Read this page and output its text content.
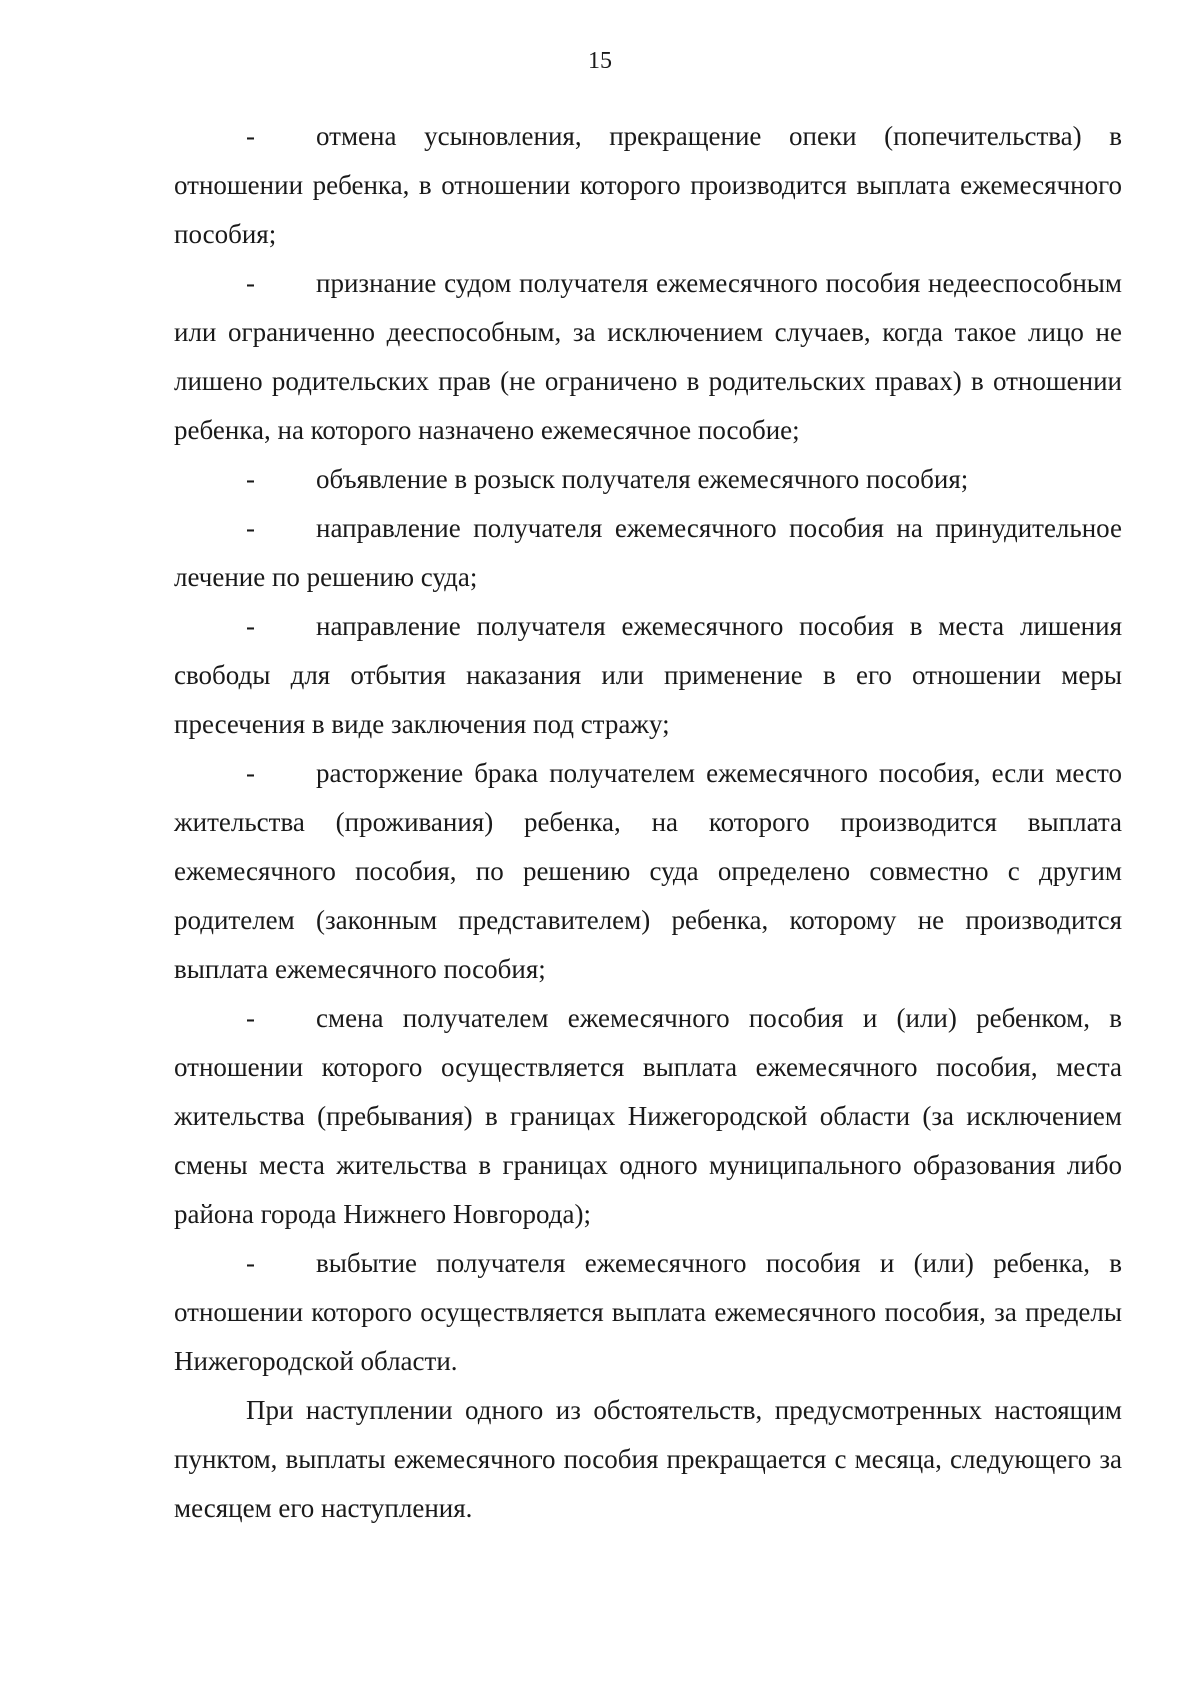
15

- отмена усыновления, прекращение опеки (попечительства) в отношении ребенка, в отношении которого производится выплата ежемесячного пособия;

- признание судом получателя ежемесячного пособия недееспособным или ограниченно дееспособным, за исключением случаев, когда такое лицо не лишено родительских прав (не ограничено в родительских правах) в отношении ребенка, на которого назначено ежемесячное пособие;

- объявление в розыск получателя ежемесячного пособия;

- направление получателя ежемесячного пособия на принудительное лечение по решению суда;

- направление получателя ежемесячного пособия в места лишения свободы для отбытия наказания или применение в его отношении меры пресечения в виде заключения под стражу;

- расторжение брака получателем ежемесячного пособия, если место жительства (проживания) ребенка, на которого производится выплата ежемесячного пособия, по решению суда определено совместно с другим родителем (законным представителем) ребенка, которому не производится выплата ежемесячного пособия;

- смена получателем ежемесячного пособия и (или) ребенком, в отношении которого осуществляется выплата ежемесячного пособия, места жительства (пребывания) в границах Нижегородской области (за исключением смены места жительства в границах одного муниципального образования либо района города Нижнего Новгорода);

- выбытие получателя ежемесячного пособия и (или) ребенка, в отношении которого осуществляется выплата ежемесячного пособия, за пределы Нижегородской области.

При наступлении одного из обстоятельств, предусмотренных настоящим пунктом, выплаты ежемесячного пособия прекращается с месяца, следующего за месяцем его наступления.
